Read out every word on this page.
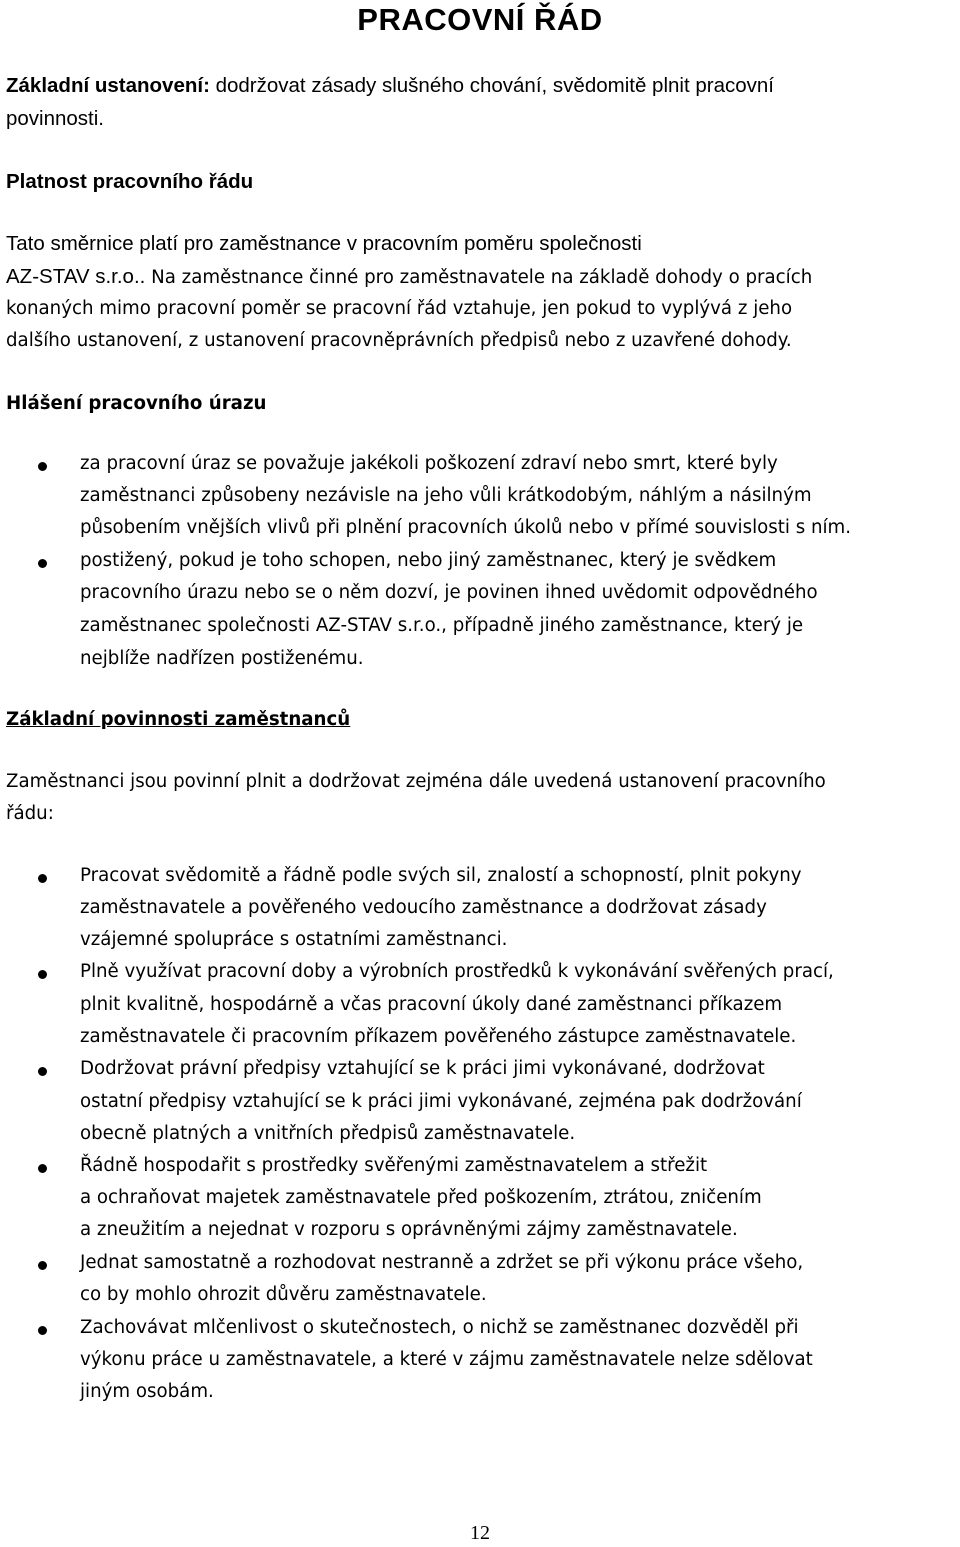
PRACOVNÍ ŘÁD
Základní ustanovení: dodržovat zásady slušného chování, svědomitě plnit pracovní
povinnosti.
Platnost pracovního řádu
Tato směrnice platí pro zaměstnance v pracovním poměru společnosti
AZ-STAV s.r.o.. Na zaměstnance činné pro zaměstnavatele na základě dohody o pracích
konaných mimo pracovní poměr se pracovní řád vztahuje, jen pokud to vyplývá z jeho
dalšího ustanovení, z ustanovení pracovněprávních předpisů nebo z uzavřené dohody.
Hlášení pracovního úrazu
za pracovní úraz se považuje jakékoli poškození zdraví nebo smrt, které byly
zaměstnanci způsobeny nezávisle na jeho vůli krátkodobým, náhlým a násilným
působením vnějších vlivů při plnění pracovních úkolů nebo v přímé souvislosti s ním.
postižený, pokud je toho schopen, nebo jiný zaměstnanec, který je svědkem
pracovního úrazu nebo se o něm dozví, je povinen ihned uvědomit odpovědného
zaměstnanec společnosti AZ-STAV s.r.o., případně jiného zaměstnance, který je
nejblíže nadřízen postiženému.
Základní povinnosti zaměstnanců
Zaměstnanci jsou povinní plnit a dodržovat zejména dále uvedená ustanovení pracovního
řádu:
Pracovat svědomitě a řádně podle svých sil, znalostí a schopností, plnit pokyny
zaměstnavatele a pověřeného vedoucího zaměstnance a dodržovat zásady
vzájemné spolupráce s ostatními zaměstnanci.
Plně využívat pracovní doby a výrobních prostředků k vykonávání svěřených prací,
plnit kvalitně, hospodárně a včas pracovní úkoly dané zaměstnanci příkazem
zaměstnavatele či pracovním příkazem pověřeného zástupce zaměstnavatele.
Dodržovat právní předpisy vztahující se k práci jimi vykonávané, dodržovat
ostatní předpisy vztahující se k práci jimi vykonávané, zejména pak dodržování
obecně platných a vnitřních předpisů zaměstnavatele.
Řádně hospodařit s prostředky svěřenými zaměstnavatelem a střežit
a ochraňovat majetek zaměstnavatele před poškozením, ztrátou, zničením
a zneužitím a nejednat v rozporu s oprávněnými zájmy zaměstnavatele.
Jednat samostatně a rozhodovat nestranně a zdržet se při výkonu práce všeho,
co by mohlo ohrozit důvěru zaměstnavatele.
Zachovávat mlčenlivost o skutečnostech, o nichž se zaměstnanec dozvěděl při
výkonu práce u zaměstnavatele, a které v zájmu zaměstnavatele nelze sdělovat
jiným osobám.
12
